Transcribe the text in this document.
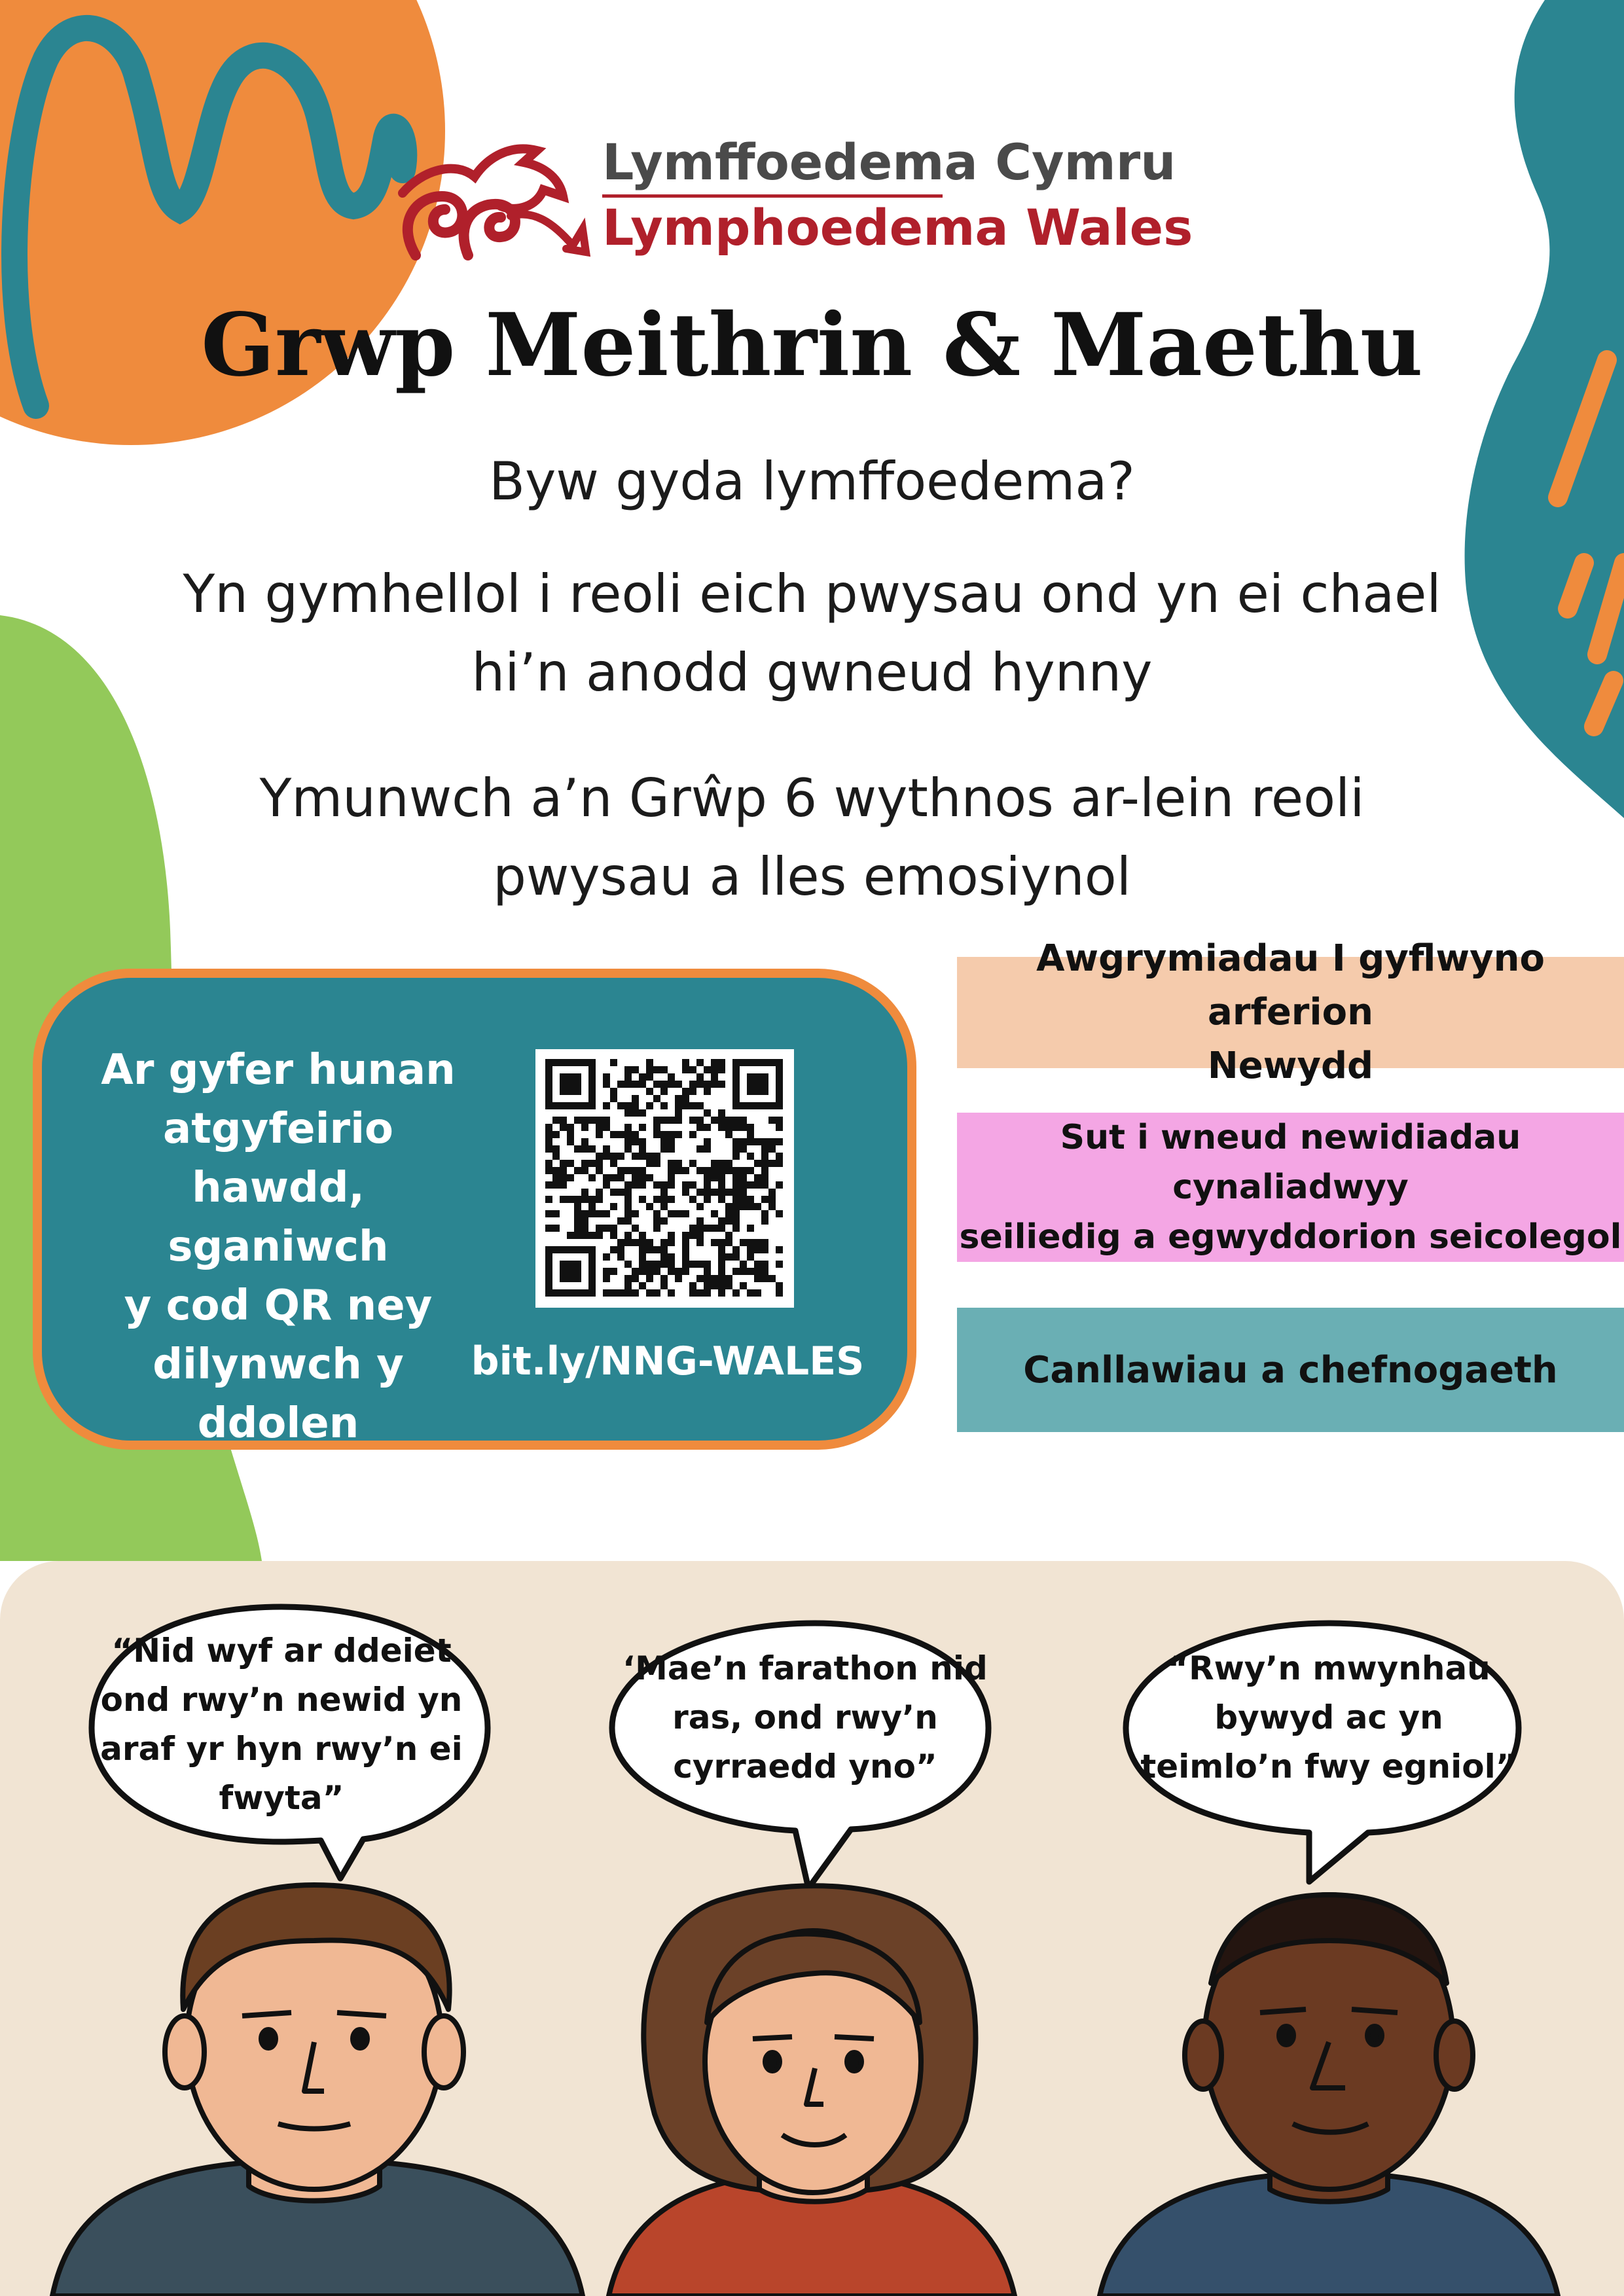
Lymffoedema Cymru
Lymphoedema Wales
Grwp Meithrin & Maethu
Byw gyda lymffoedema?
Yn gymhellol i reoli eich pwysau ond yn ei chael
hi’n anodd gwneud hynny
Ymunwch a’n Grŵp 6 wythnos ar-lein reoli
pwysau a lles emosiynol
Ar gyfer hunan
atgyfeirio
hawdd, sganiwch
y cod QR ney
dilynwch y
ddolen
bit.ly/NNG-WALES
Awgrymiadau I gyflwyno arferion
Newydd
Sut i wneud newidiadau
cynaliadwyy
seiliedig a egwyddorion seicolegol
Canllawiau a chefnogaeth
“Nid wyf ar ddeiet
ond rwy’n newid yn
araf yr hyn rwy’n ei
fwyta”
‘Mae’n farathon nid
ras, ond rwy’n
cyrraedd yno”
“Rwy’n mwynhau
bywyd ac yn
teimlo’n fwy egniol”
